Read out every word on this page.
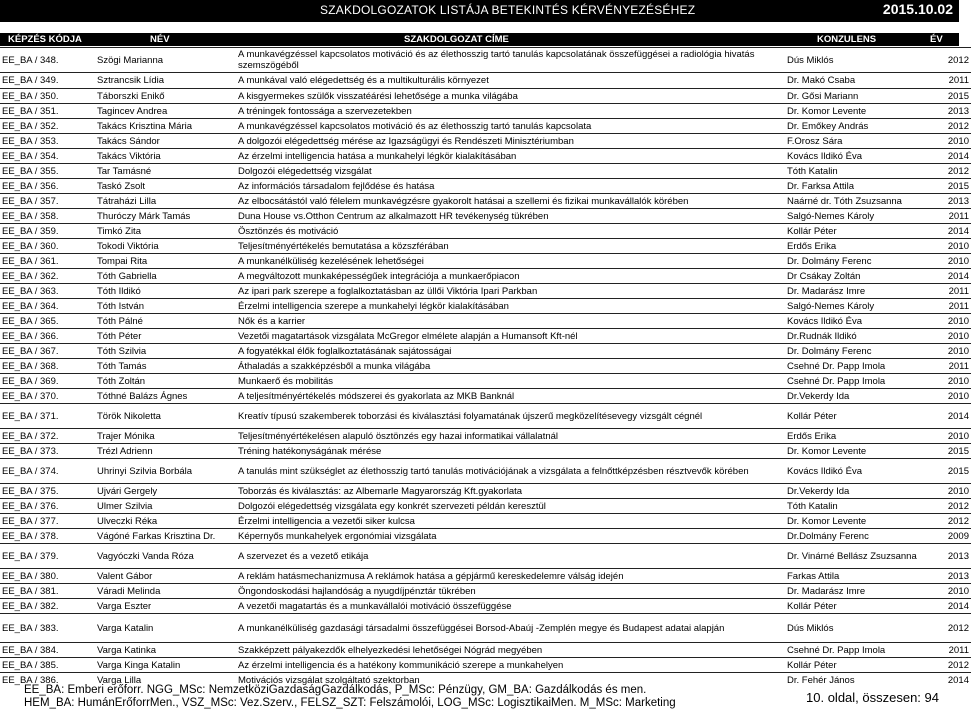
SZAKDOLGOZATOK LISTÁJA BETEKINTÉS KÉRVÉNYEZÉSÉHEZ	2015.10.02
KÉPZÉS KÓDJA	NÉV	SZAKDOLGOZAT CÍME	KONZULENS	ÉV
EE_BA / 348.	Szögi Marianna	A munkavégzéssel kapcsolatos motiváció és az élethosszig tartó tanulás kapcsolatának összefüggései a radiológia hivatás szemszögéből	Dús Miklós	2012
EE_BA / 349.	Sztrancsik Lídia	A munkával való elégedettség és a multikulturális környezet	Dr. Makó Csaba	2011
EE_BA / 350.	Táborszki Enikő	A kisgyermekes szülők visszatéárési lehetősége a munka világába	Dr. Gősi Mariann	2015
EE_BA / 351.	Tagincev Andrea	A tréningek fontossága a szervezetekben	Dr. Komor Levente	2013
EE_BA / 352.	Takács Krisztina Mária	A munkavégzéssel kapcsolatos motiváció és az élethosszig tartó tanulás kapcsolata	Dr. Emőkey András	2012
EE_BA / 353.	Takács Sándor	A dolgozói elégedettség mérése az Igazságügyi és Rendészeti Minisztériumban	F.Orosz Sára	2010
EE_BA / 354.	Takács Viktória	Az érzelmi intelligencia hatása a munkahelyi légkör kialakításában	Kovács Ildikó Éva	2014
EE_BA / 355.	Tar Tamásné	Dolgozói elégedettség vizsgálat	Tóth Katalin	2012
EE_BA / 356.	Taskó Zsolt	Az információs társadalom fejlődése és hatása	Dr. Farksa Attila	2015
EE_BA / 357.	Tátraházi Lilla	Az elbocsátástól való félelem munkavégzésre gyakorolt hatásai a szellemi és fizikai munkavállalók körében	Naárné dr. Tóth Zsuzsanna	2013
EE_BA / 358.	Thuróczy Márk Tamás	Duna House vs.Otthon Centrum az alkalmazott HR tevékenység tükrében	Salgó-Nemes Károly	2011
EE_BA / 359.	Timkó Zita	Ösztönzés és motiváció	Kollár Péter	2014
EE_BA / 360.	Tokodi Viktória	Teljesítményértékelés bemutatása a közszférában	Erdős Erika	2010
EE_BA / 361.	Tompai Rita	A munkanélküliség kezelésének lehetőségei	Dr. Dolmány Ferenc	2010
EE_BA / 362.	Tóth Gabriella	A megváltozott munkaképességűek integrációja a munkaerőpiacon	Dr Csákay Zoltán	2014
EE_BA / 363.	Tóth Ildikó	Az ipari park szerepe a foglalkoztatásban az üllői Viktória Ipari Parkban	Dr. Madarász Imre	2011
EE_BA / 364.	Tóth István	Érzelmi intelligencia szerepe a munkahelyi légkör kialakításában	Salgó-Nemes Károly	2011
EE_BA / 365.	Tóth Pálné	Nők és a karrier	Kovács Ildikó Éva	2010
EE_BA / 366.	Tóth Péter	Vezetői magatartások vizsgálata McGregor elmélete alapján a Humansoft Kft-nél	Dr.Rudnák Ildikó	2010
EE_BA / 367.	Tóth Szilvia	A fogyatékkal élők foglalkoztatásának sajátosságai	Dr. Dolmány Ferenc	2010
EE_BA / 368.	Tóth Tamás	Áthaladás a szakképzésből a munka világába	Csehné Dr. Papp Imola	2011
EE_BA / 369.	Tóth Zoltán	Munkaerő és mobilitás	Csehné Dr. Papp Imola	2010
EE_BA / 370.	Tóthné Balázs Ágnes	A teljesítményértékelés módszerei és gyakorlata az MKB Banknál	Dr.Vekerdy Ida	2010
EE_BA / 371.	Török Nikoletta	Kreatív típusú szakemberek toborzási és kiválasztási folyamatának újszerű megközelítésevegy vizsgált cégnél	Kollár Péter	2014
EE_BA / 372.	Trajer Mónika	Teljesítményértékelésen alapuló ösztönzés egy hazai informatikai vállalatnál	Erdős Erika	2010
EE_BA / 373.	Trézl Adrienn	Tréning hatékonyságának mérése	Dr. Komor Levente	2015
EE_BA / 374.	Uhrinyi Szilvia Borbála	A tanulás mint szükséglet az élethosszig tartó tanulás motivációjának a vizsgálata a felnőttképzésben résztvevők körében	Kovács Ildikó Éva	2015
EE_BA / 375.	Ujvári Gergely	Toborzás és kiválasztás: az Albemarle Magyarország Kft.gyakorlata	Dr.Vekerdy Ida	2010
EE_BA / 376.	Ulmer Szilvia	Dolgozói elégedettség vizsgálata egy konkrét szervezeti példán keresztül	Tóth Katalin	2012
EE_BA / 377.	Ulveczki Réka	Érzelmi intelligencia a vezetői siker kulcsa	Dr. Komor Levente	2012
EE_BA / 378.	Vágóné Farkas Krisztina Dr.	Képernyős munkahelyek ergonómiai vizsgálata	Dr.Dolmány Ferenc	2009
EE_BA / 379.	Vagyóczki Vanda Róza	A szervezet és a vezető etikája	Dr. Vinárné Bellász Zsuzsanna	2013
EE_BA / 380.	Valent Gábor	A reklám hatásmechanizmusa A reklámok hatása a gépjármű kereskedelemre válság idején	Farkas Attila	2013
EE_BA / 381.	Váradi Melinda	Öngondoskodási hajlandóság a nyugdíjpénztár tükrében	Dr. Madarász Imre	2010
EE_BA / 382.	Varga Eszter	A vezetői magatartás és a munkavállalói motiváció összefüggése	Kollár Péter	2014
EE_BA / 383.	Varga Katalin	A munkanélküliség gazdasági társadalmi összefüggései Borsod-Abaúj -Zemplén megye és Budapest adatai alapján	Dús Miklós	2012
EE_BA / 384.	Varga Katinka	Szakképzett pályakezdők elhelyezkedési lehetőségei Nógrád megyében	Csehné Dr. Papp Imola	2011
EE_BA / 385.	Varga Kinga Katalin	Az érzelmi intelligencia és a hatékony kommunikáció szerepe a munkahelyen	Kollár Péter	2012
EE_BA / 386.	Varga Lilla	Motivációs vizsgálat szolgáltató szektorban	Dr. Fehér János	2014
EE_BA: Emberi erőforr. NGG_MSc: NemzetköziGazdaságGazdálkodás, P_MSc: Pénzügy, GM_BA: Gazdálkodás és men.
HEM_BA: HumánErőforrMen., VSZ_MSc: Vez.Szerv., FELSZ_SZT: Felszámolói, LOG_MSc: LogisztikaiMen. M_MSc: Marketing	10. oldal, összesen: 94
